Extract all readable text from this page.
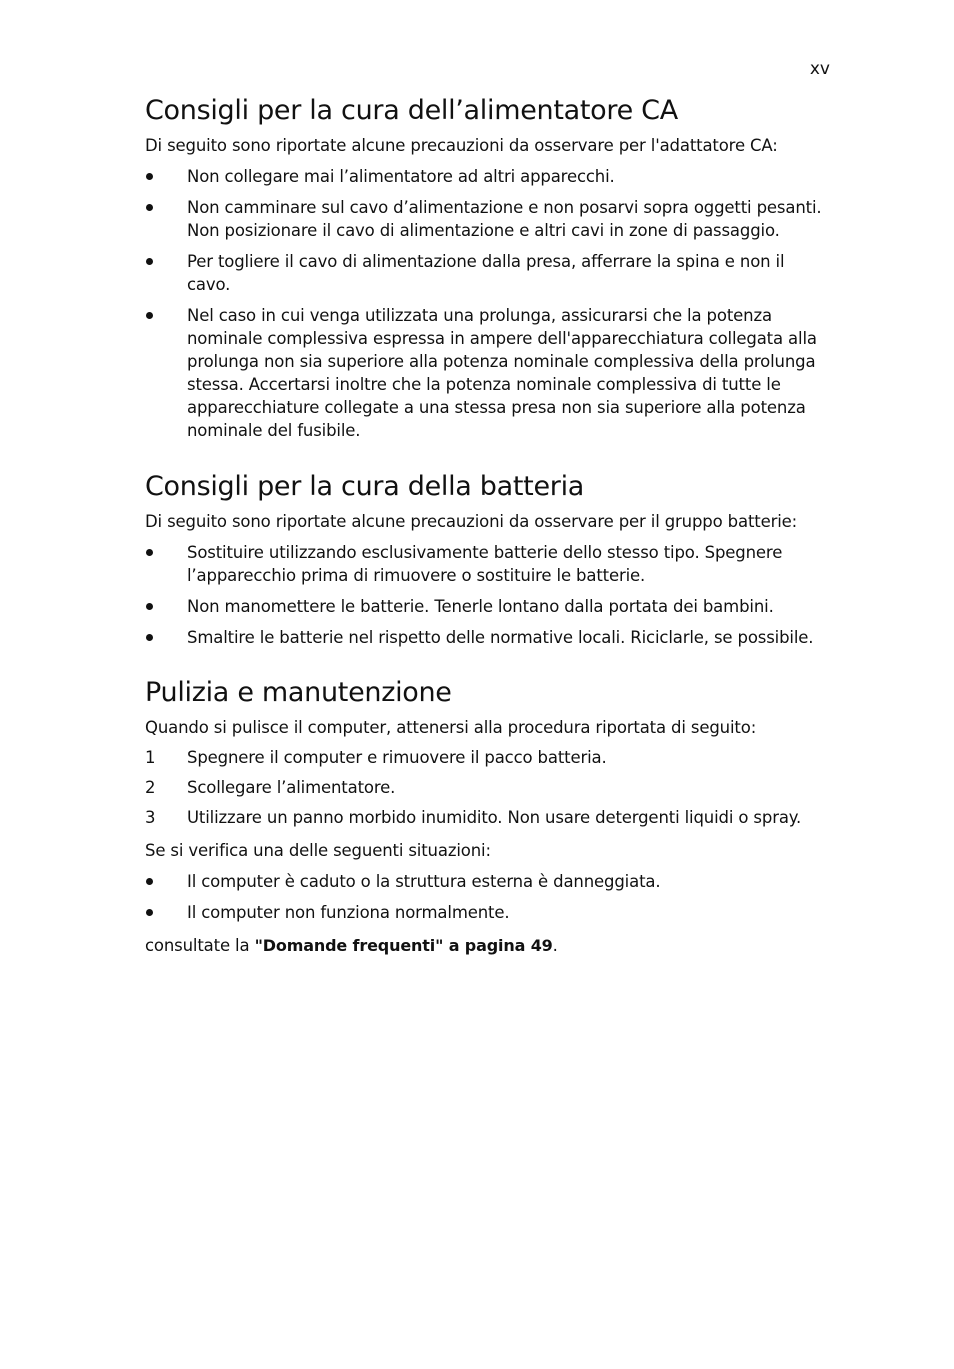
xv
Consigli per la cura dell’alimentatore CA

Di seguito sono riportate alcune precauzioni da osservare per l'adattatore CA:

Non collegare mai l’alimentatore ad altri apparecchi.
Non camminare sul cavo d’alimentazione e non posarvi sopra oggetti pesanti. Non posizionare il cavo di alimentazione e altri cavi in zone di passaggio.
Per togliere il cavo di alimentazione dalla presa, afferrare la spina e non il cavo.
Nel caso in cui venga utilizzata una prolunga, assicurarsi che la potenza nominale complessiva espressa in ampere dell'apparecchiatura collegata alla prolunga non sia superiore alla potenza nominale complessiva della prolunga stessa. Accertarsi inoltre che la potenza nominale complessiva di tutte le apparecchiature collegate a una stessa presa non sia superiore alla potenza nominale del fusibile.
Consigli per la cura della batteria

Di seguito sono riportate alcune precauzioni da osservare per il gruppo batterie:

Sostituire utilizzando esclusivamente batterie dello stesso tipo. Spegnere l’apparecchio prima di rimuovere o sostituire le batterie.
Non manomettere le batterie. Tenerle lontano dalla portata dei bambini.
Smaltire le batterie nel rispetto delle normative locali. Riciclarle, se possibile.
Pulizia e manutenzione

Quando si pulisce il computer, attenersi alla procedura riportata di seguito:

1	Spegnere il computer e rimuovere il pacco batteria.
2	Scollegare l’alimentatore.
3	Utilizzare un panno morbido inumidito. Non usare detergenti liquidi o spray.

Se si verifica una delle seguenti situazioni:

Il computer è caduto o la struttura esterna è danneggiata.
Il computer non funziona normalmente.

consultate la "Domande frequenti" a pagina 49.
